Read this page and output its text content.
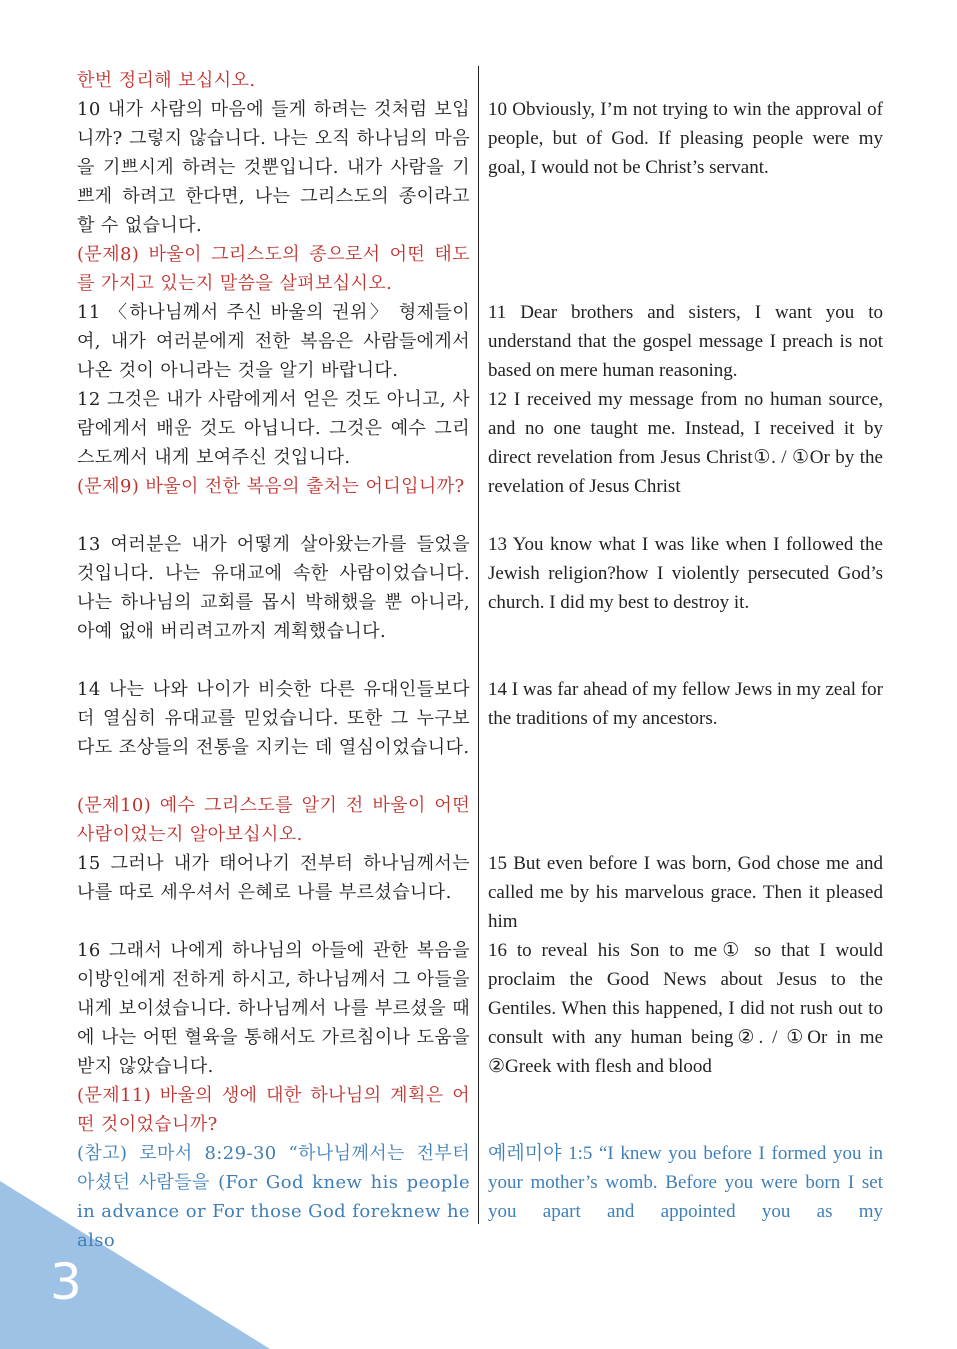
3

한번 정리해 보십시오.

10 내가 사람의 마음에 들게 하려는 것처럼 보입니까? 그렇지 않습니다. 나는 오직 하나님의 마음을 기쁘시게 하려는 것뿐입니다. 내가 사람을 기쁘게 하려고 한다면, 나는 그리스도의 종이라고 할 수 없습니다.

(문제8) 바울이 그리스도의 종으로서 어떤 태도를 가지고 있는지 말씀을 살펴보십시오.

11 〈하나님께서 주신 바울의 권위〉 형제들이여, 내가 여러분에게 전한 복음은 사람들에게서 나온 것이 아니라는 것을 알기 바랍니다.

12 그것은 내가 사람에게서 얻은 것도 아니고, 사람에게서 배운 것도 아닙니다. 그것은 예수 그리스도께서 내게 보여주신 것입니다.

(문제9) 바울이 전한 복음의 출처는 어디입니까?

13 여러분은 내가 어떻게 살아왔는가를 들었을 것입니다. 나는 유대교에 속한 사람이었습니다. 나는 하나님의 교회를 몹시 박해했을 뿐 아니라, 아예 없애 버리려고까지 계획했습니다.

14 나는 나와 나이가 비슷한 다른 유대인들보다 더 열심히 유대교를 믿었습니다. 또한 그 누구보다도 조상들의 전통을 지키는 데 열심이었습니다.

(문제10) 예수 그리스도를 알기 전 바울이 어떤 사람이었는지 알아보십시오.

15 그러나 내가 태어나기 전부터 하나님께서는 나를 따로 세우셔서 은혜로 나를 부르셨습니다.

16 그래서 나에게 하나님의 아들에 관한 복음을 이방인에게 전하게 하시고, 하나님께서 그 아들을 내게 보이셨습니다. 하나님께서 나를 부르셨을 때에 나는 어떤 혈육을 통해서도 가르침이나 도움을 받지 않았습니다.

(문제11) 바울의 생에 대한 하나님의 계획은 어떤 것이었습니까?

(참고) 로마서 8:29-30 “하나님께서는 전부터 아셨던 사람들을 (For God knew his people in advance or For those God foreknew he also

10 Obviously, I’m not trying to win the approval of people, but of God. If pleasing people were my goal, I would not be Christ’s servant.

11 Dear brothers and sisters, I want you to understand that the gospel message I preach is not based on mere human reasoning.

12 I received my message from no human source, and no one taught me. Instead, I received it by direct revelation from Jesus Christ①. / ①Or by the revelation of Jesus Christ

13 You know what I was like when I followed the Jewish religion?how I violently persecuted God’s church. I did my best to destroy it.

14 I was far ahead of my fellow Jews in my zeal for the traditions of my ancestors.

15 But even before I was born, God chose me and called me by his marvelous grace. Then it pleased him

16 to reveal his Son to me① so that I would proclaim the Good News about Jesus to the Gentiles. When this happened, I did not rush out to consult with any human being②. / ①Or in me ②Greek with flesh and blood

예레미야 1:5 “I knew you before I formed you in your mother’s womb. Before you were born I set you apart and appointed you as my
